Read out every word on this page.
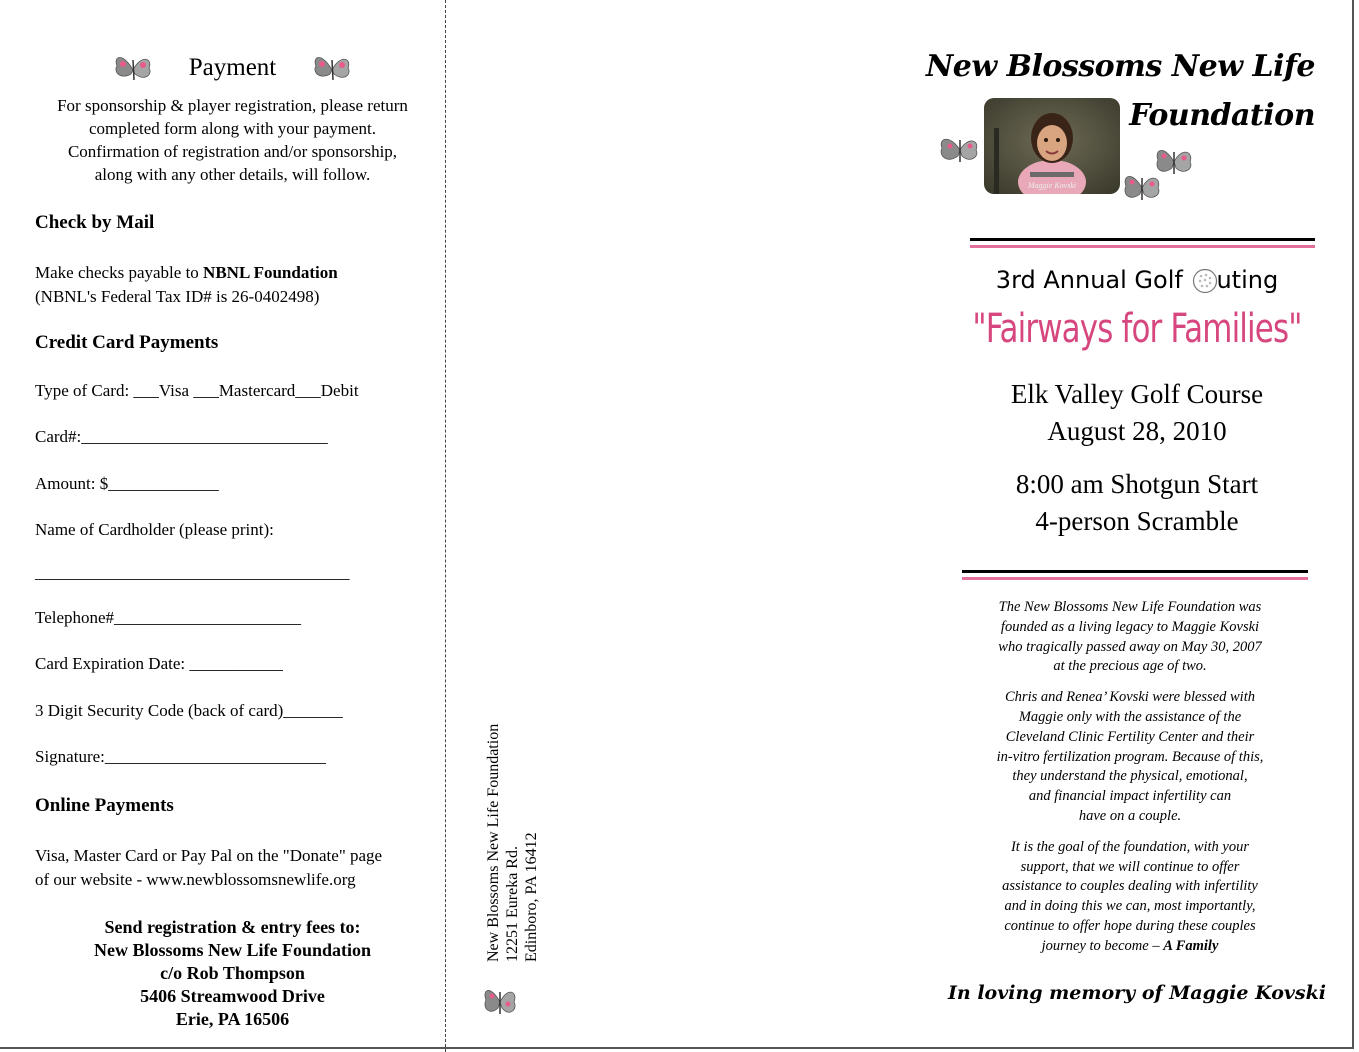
Payment
For sponsorship & player registration, please return
completed form along with your payment.
Confirmation of registration and/or sponsorship,
along with any other details, will follow.
Check by Mail
Make checks payable to NBNL Foundation
(NBNL's Federal Tax ID# is 26-0402498)
Credit Card Payments
Type of Card: ___Visa ___Mastercard___Debit
Card#:_____________________________
Amount: $_____________
Name of Cardholder (please print):
_____________________________________
Telephone#______________________
Card Expiration Date: ___________
3 Digit Security Code (back of card)_______
Signature:__________________________
Online Payments
Visa, Master Card or Pay Pal on the "Donate" page
of our website - www.newblossomsnewlife.org
Send registration & entry fees to:
New Blossoms New Life Foundation
c/o Rob Thompson
5406 Streamwood Drive
Erie, PA 16506
New Blossoms New Life Foundation 12251 Eureka Rd. Edinboro, PA 16412
New Blossoms New Life
Foundation
Maggie Kovski
3rd Annual Golf uting
"Fairways for Families"
Elk Valley Golf Course
August 28, 2010
8:00 am Shotgun Start
4-person Scramble

The New Blossoms New Life Foundation was
founded as a living legacy to Maggie Kovski
who tragically passed away on May 30, 2007
at the precious age of two.

Chris and Renea’ Kovski were blessed with
Maggie only with the assistance of the
Cleveland Clinic Fertility Center and their
in-vitro fertilization program. Because of this,
they understand the physical, emotional,
and financial impact infertility can
have on a couple.

It is the goal of the foundation, with your
support, that we will continue to offer
assistance to couples dealing with infertility
and in doing this we can, most importantly,
continue to offer hope during these couples
journey to become – A Family

In loving memory of Maggie Kovski
